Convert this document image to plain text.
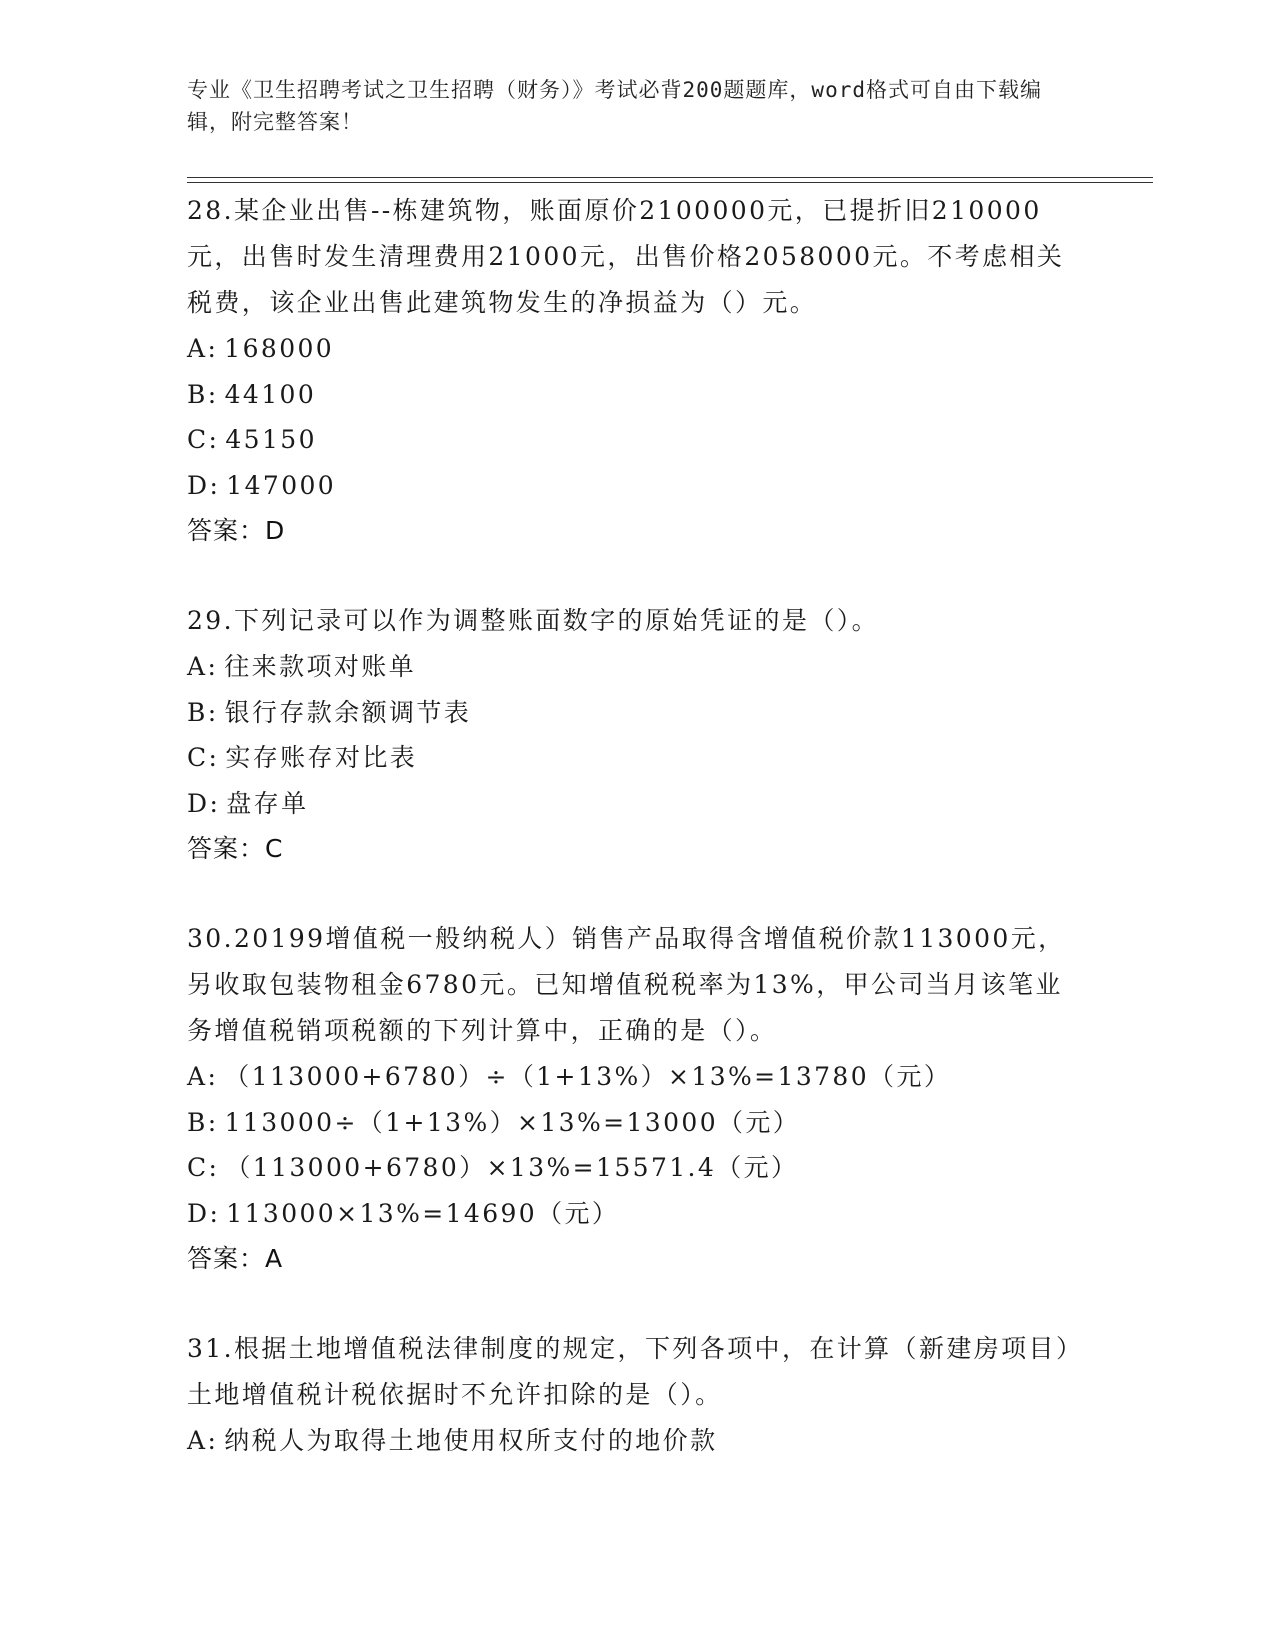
专业《卫生招聘考试之卫生招聘（财务）》考试必背200题题库，word格式可自由下载编辑，附完整答案！

28.某企业出售--栋建筑物，账面原价2100000元，已提折旧210000元，出售时发生清理费用21000元，出售价格2058000元。不考虑相关税费，该企业出售此建筑物发生的净损益为（）元。

A: 168000

B: 44100

C: 45150

D: 147000

答案：D

29.下列记录可以作为调整账面数字的原始凭证的是（）。

A: 往来款项对账单

B: 银行存款余额调节表

C: 实存账存对比表

D: 盘存单

答案：C

30.20199增值税一般纳税人）销售产品取得含增值税价款113000元，另收取包装物租金6780元。已知增值税税率为13%，甲公司当月该笔业务增值税销项税额的下列计算中，正确的是（）。

A: （113000+6780）÷（1+13%）×13%=13780（元）

B: 113000÷（1+13%）×13%=13000（元）

C: （113000+6780）×13%=15571.4（元）

D: 113000×13%=14690（元）

答案：A

31.根据土地增值税法律制度的规定，下列各项中，在计算（新建房项目）土地增值税计税依据时不允许扣除的是（）。

A: 纳税人为取得土地使用权所支付的地价款
